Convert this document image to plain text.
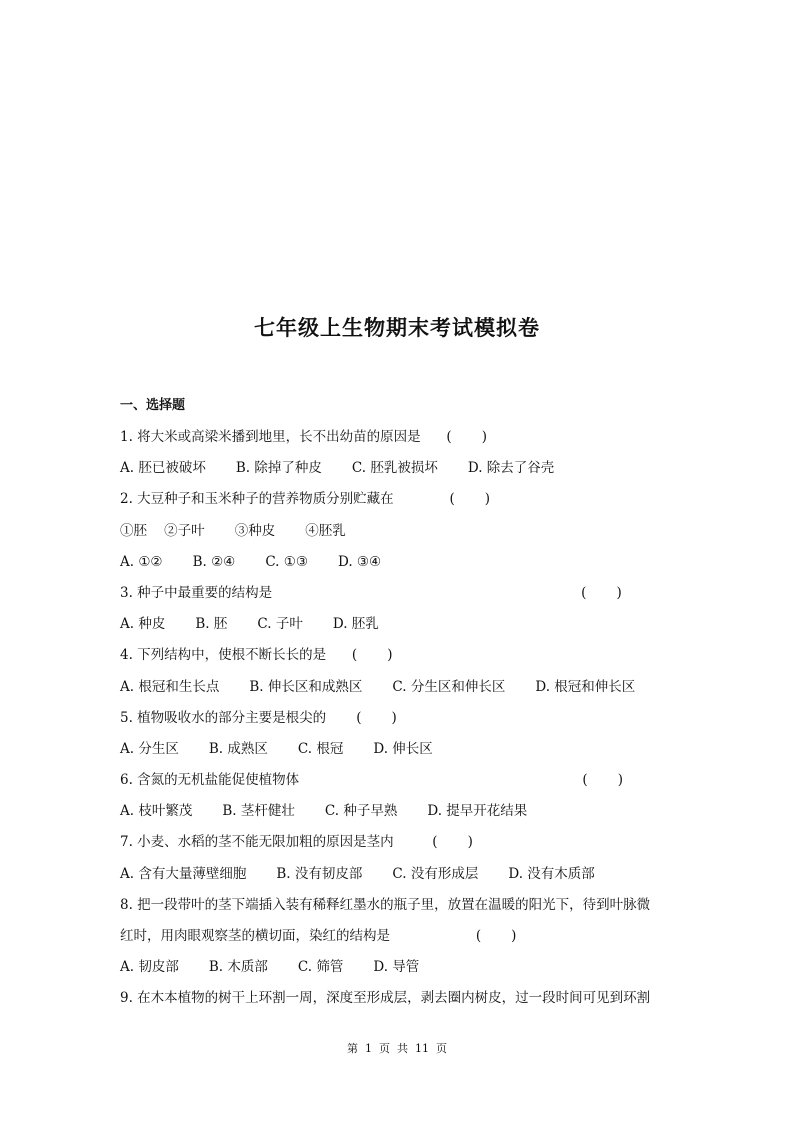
七年级上生物期末考试模拟卷
一、选择题
1. 将大米或高梁米播到地里，长不出幼苗的原因是      (       )
A. 胚已被破坏       B. 除掉了种皮       C. 胚乳被损坏       D. 除去了谷壳
2. 大豆种子和玉米种子的营养物质分别贮藏在             (       )
①胚    ②子叶       ③种皮       ④胚乳
A. ①②       B. ②④       C. ①③       D. ③④
3. 种子中最重要的结构是                                                                        (       )
A. 种皮       B. 胚       C. 子叶       D. 胚乳
4. 下列结构中，使根不断长长的是      (       )
A. 根冠和生长点       B. 伸长区和成熟区       C. 分生区和伸长区       D. 根冠和伸长区
5. 植物吸收水的部分主要是根尖的       (       )
A. 分生区       B. 成熟区       C. 根冠       D. 伸长区
6. 含氮的无机盐能促使植物体                                                                  (       )
A. 枝叶繁茂       B. 茎杆健壮       C. 种子早熟       D. 提早开花结果
7. 小麦、水稻的茎不能无限加粗的原因是茎内         (       )
A. 含有大量薄壁细胞       B. 没有韧皮部       C. 没有形成层       D. 没有木质部
8. 把一段带叶的茎下端插入装有稀释红墨水的瓶子里，放置在温暖的阳光下，待到叶脉微
红时，用肉眼观察茎的横切面，染红的结构是                    (       )
A. 韧皮部       B. 木质部       C. 筛管       D. 导管
9. 在木本植物的树干上环割一周，深度至形成层，剥去圈内树皮，过一段时间可见到环割
第  1  页  共  11  页
